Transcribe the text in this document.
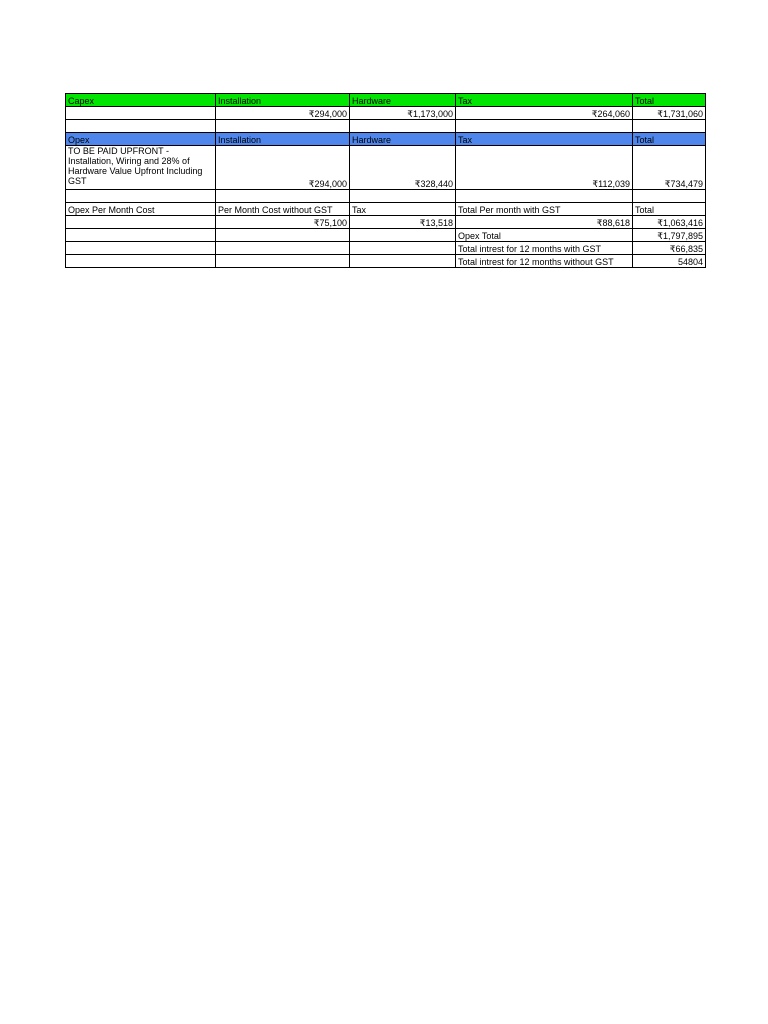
Capex	Installation	Hardware	Tax	Total
	₹294,000	₹1,173,000	₹264,060	₹1,731,060

Opex	Installation	Hardware	Tax	Total
TO BE PAID UPFRONT - Installation, Wiring and 28% of Hardware Value Upfront Including GST	₹294,000	₹328,440	₹112,039	₹734,479

Opex Per Month Cost	Per Month Cost without GST	Tax	Total Per month with GST	Total
	₹75,100	₹13,518	₹88,618	₹1,063,416
			Opex Total	₹1,797,895
			Total intrest for 12 months with GST	₹66,835
			Total intrest for 12 months without GST	54804
